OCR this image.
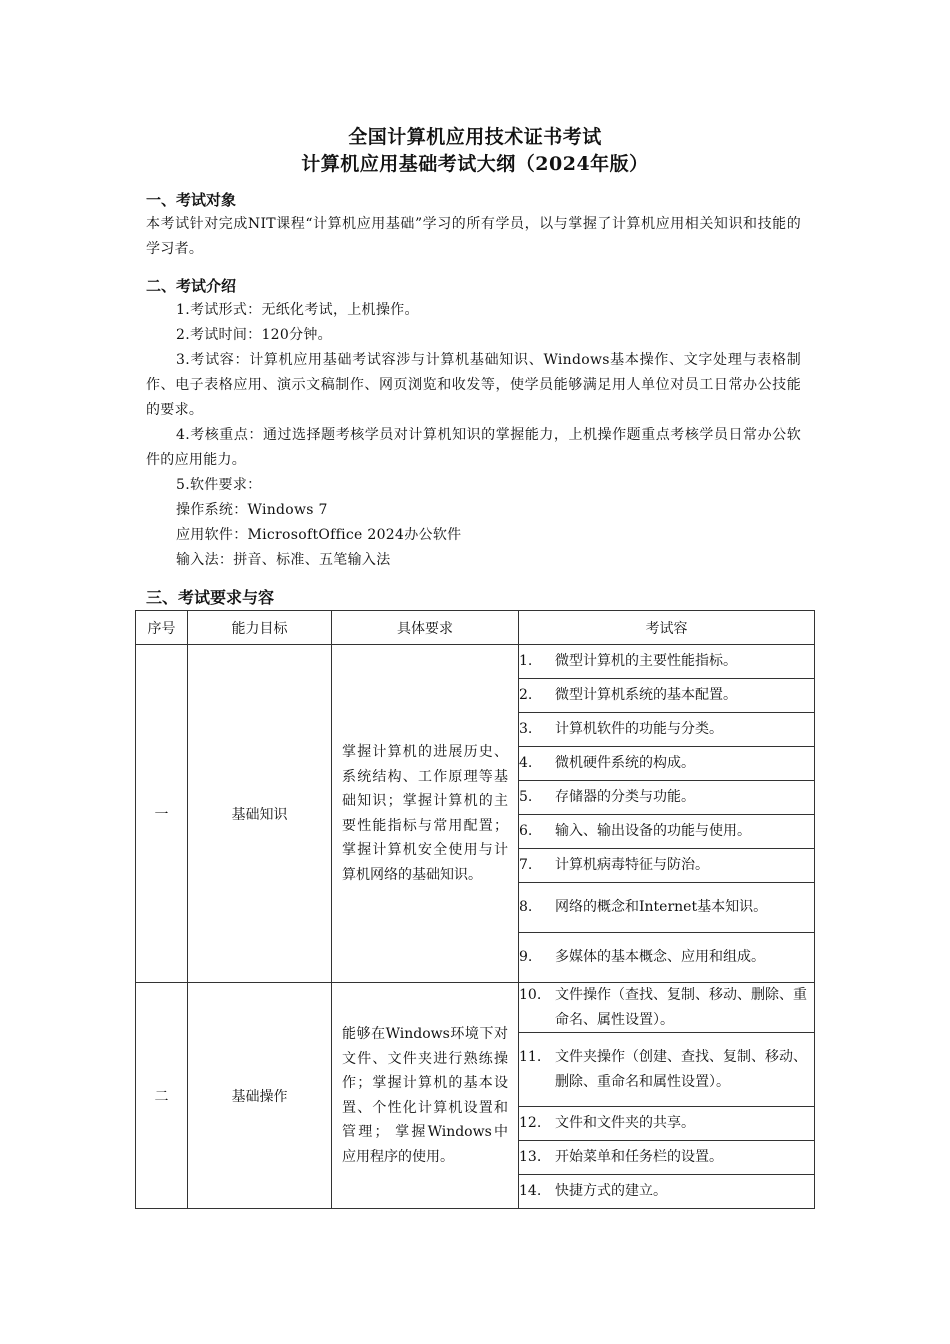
全国计算机应用技术证书考试
计算机应用基础考试大纲（2024年版）
一、考试对象
本考试针对完成NIT课程“计算机应用基础”学习的所有学员，以与掌握了计算机应用相关知识和技能的学习者。
二、考试介绍
1.考试形式：无纸化考试，上机操作。
2.考试时间：120分钟。
3.考试容：计算机应用基础考试容涉与计算机基础知识、Windows基本操作、文字处理与表格制作、电子表格应用、演示文稿制作、网页浏览和收发等，使学员能够满足用人单位对员工日常办公技能的要求。
4.考核重点：通过选择题考核学员对计算机知识的掌握能力，上机操作题重点考核学员日常办公软件的应用能力。
5.软件要求：
操作系统：Windows 7
应用软件：MicrosoftOffice 2024办公软件
输入法：拼音、标准、五笔输入法
三、考试要求与容
序号	能力目标	具体要求	考试容
一	基础知识	掌握计算机的进展历史、系统结构、工作原理等基础知识；掌握计算机的主要性能指标与常用配置；掌握计算机安全使用与计算机网络的基础知识。	1. 微型计算机的主要性能指标。

			2. 微型计算机系统的基本配置。

			3. 计算机软件的功能与分类。

			4. 微机硬件系统的构成。

			5. 存储器的分类与功能。

			6. 输入、输出设备的功能与使用。

			7. 计算机病毒特征与防治。

			8. 网络的概念和Internet基本知识。

			9. 多媒体的基本概念、应用和组成。

二	基础操作	能够在Windows环境下对文件、文件夹进行熟练操作；掌握计算机的基本设置、个性化计算机设置和管理； 掌握Windows中应用程序的使用。	10. 文件操作（查找、复制、移动、删除、重命名、属性设置）。

			11. 文件夹操作（创建、查找、复制、移动、删除、重命名和属性设置）。

			12. 文件和文件夹的共享。

			13. 开始菜单和任务栏的设置。

			14. 快捷方式的建立。
